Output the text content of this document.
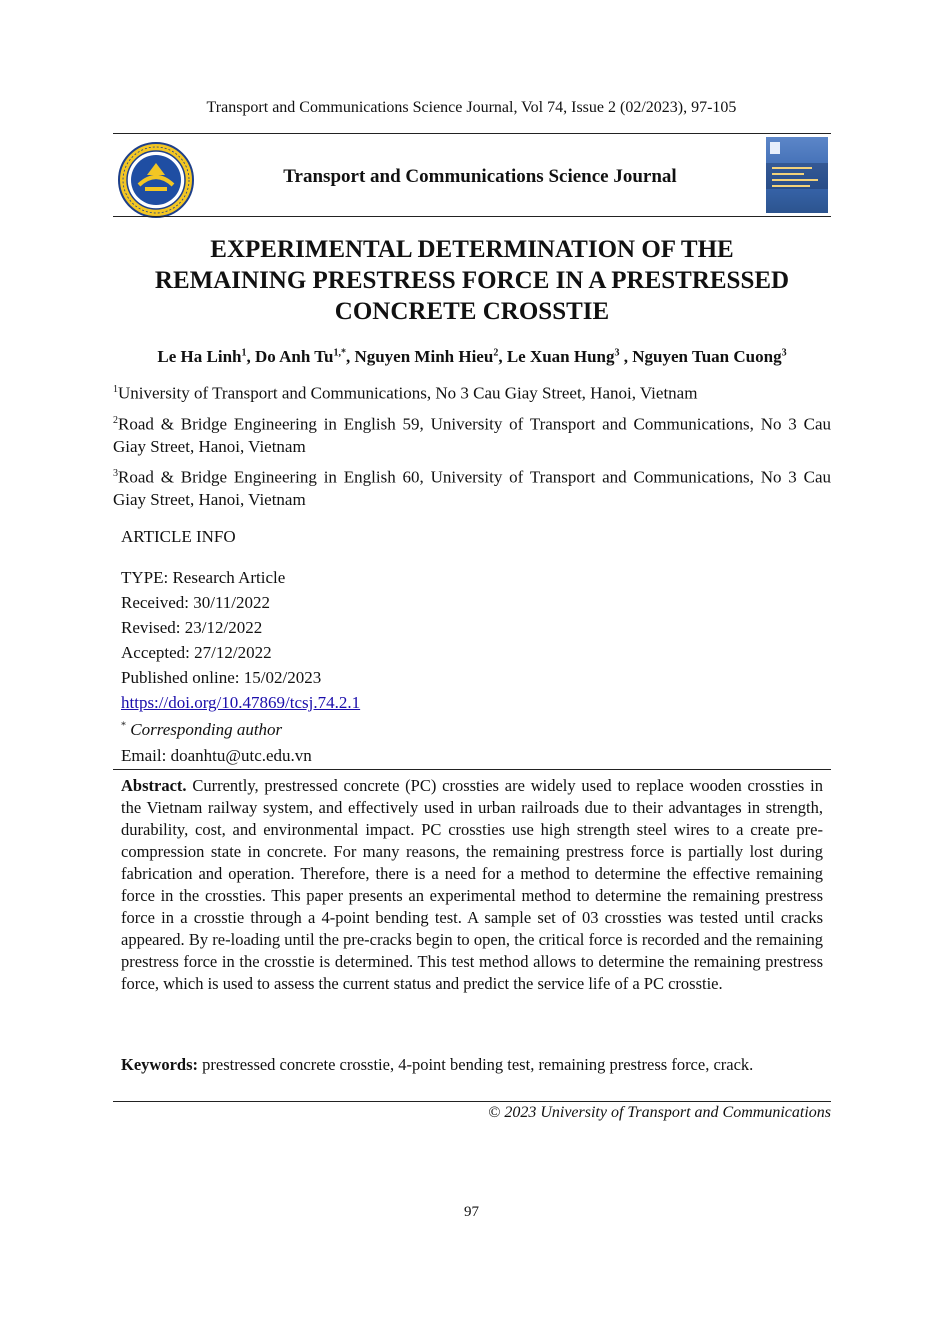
Transport and Communications Science Journal, Vol 74, Issue 2 (02/2023), 97-105
Transport and Communications Science Journal
EXPERIMENTAL DETERMINATION OF THE
REMAINING PRESTRESS FORCE IN A PRESTRESSED
CONCRETE CROSSTIE
Le Ha Linh$^1$, Do Anh $Tu^{1,*}$, Nguyen Minh Hieu$^2$, Le Xuan Hung$^3$ , Nguyen Tuan Cuong$^3$
$^1$University of Transport and Communications, No 3 Cau Giay Street, Hanoi, Vietnam
$^2$Road & Bridge Engineering in English 59, University of Transport and Communications, No 3 Cau Giay Street, Hanoi, Vietnam
$^3$Road & Bridge Engineering in English 60, University of Transport and Communications, No 3 Cau Giay Street, Hanoi, Vietnam
ARTICLE INFO
TYPE: Research Article
Received: 30/11/2022
Revised: 23/12/2022
Accepted: 27/12/2022
Published online: 15/02/2023
https://doi.org/10.47869/tcsj.74.2.1
* Corresponding author
Email: doanhtu@utc.edu.vn
Abstract. Currently, prestressed concrete (PC) crossties are widely used to replace wooden crossties in the Vietnam railway system, and effectively used in urban railroads due to their advantages in strength, durability, cost, and environmental impact. PC crossties use high strength steel wires to a create pre-compression state in concrete. For many reasons, the remaining prestress force is partially lost during fabrication and operation. Therefore, there is a need for a method to determine the effective remaining force in the crossties. This paper presents an experimental method to determine the remaining prestress force in a crosstie through a 4-point bending test. A sample set of 03 crossties was tested until cracks appeared. By re-loading until the pre-cracks begin to open, the critical force is recorded and the remaining prestress force in the crosstie is determined. This test method allows to determine the remaining prestress force, which is used to assess the current status and predict the service life of a PC crosstie.
Keywords: prestressed concrete crosstie, 4-point bending test, remaining prestress force, crack.
© 2023 University of Transport and Communications
97
